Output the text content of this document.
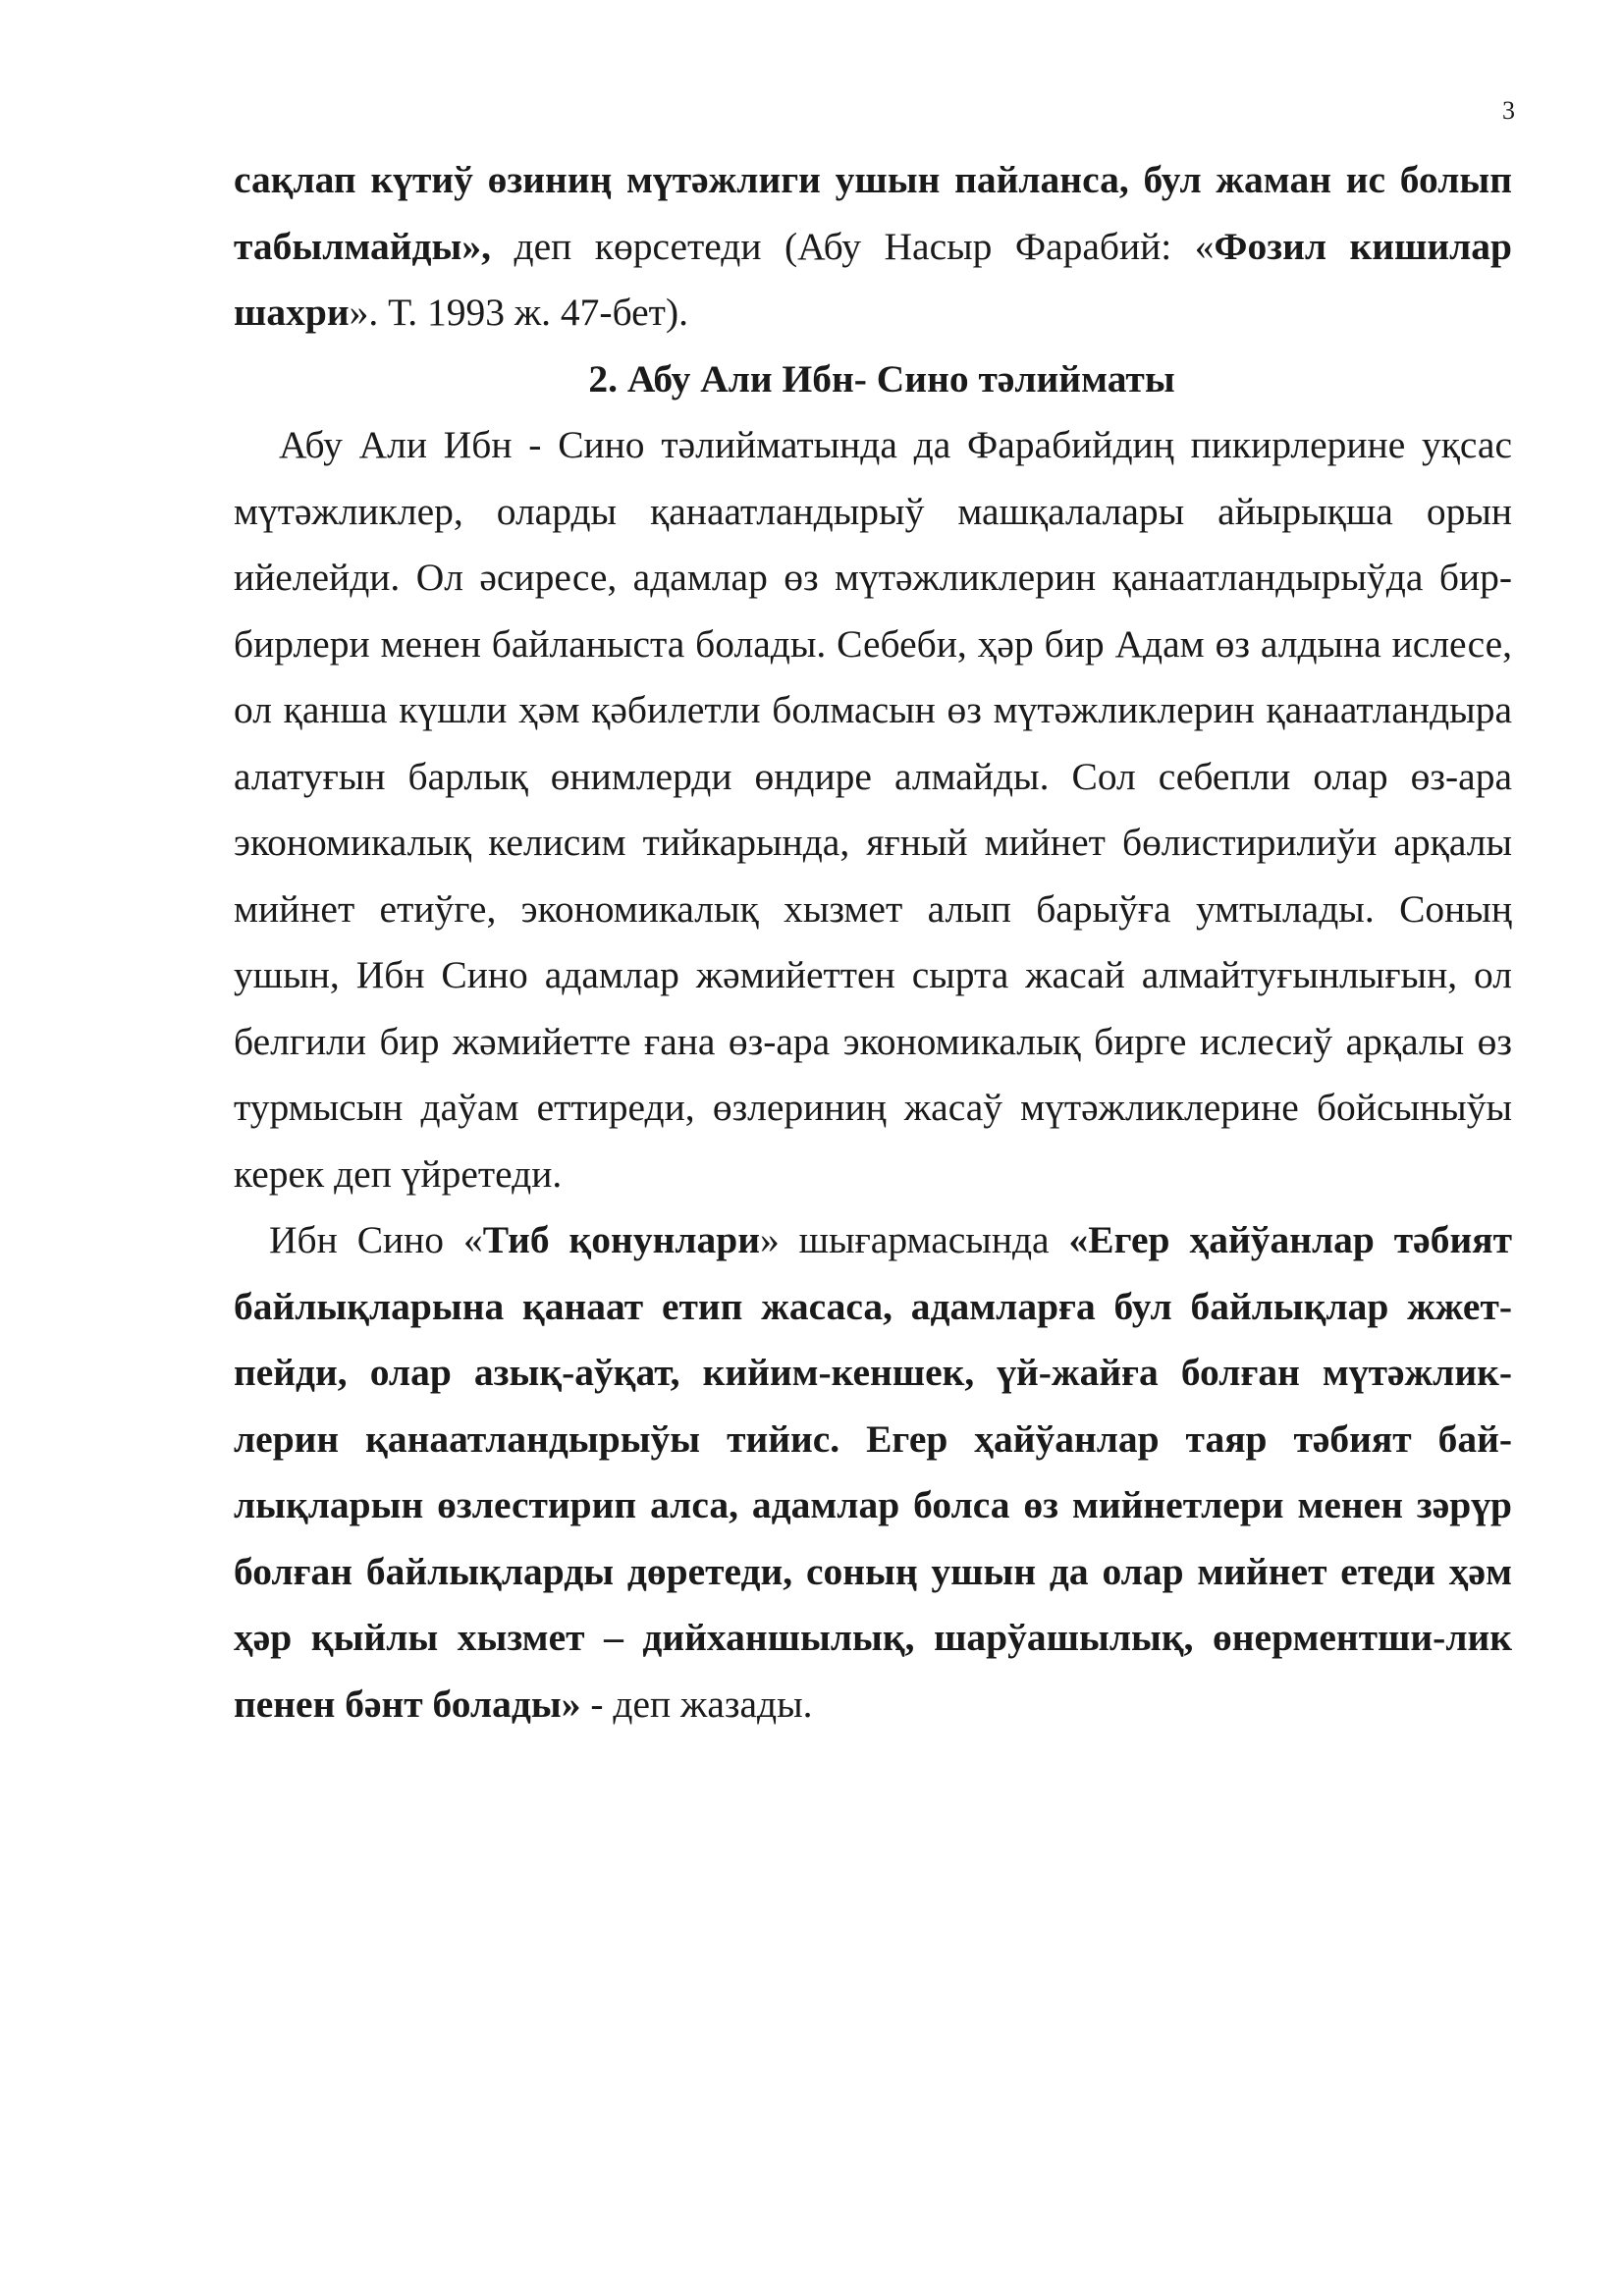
3

сақлап күтиў өзиниң мүтәжлиги ушын пайланса, бул жаман ис болып табылмайды», деп көрсетеди (Абу Насыр Фарабий: «Фозил кишилар шахри». Т. 1993 ж. 47-бет).

2. Абу Али Ибн- Сино тәлийматы

Абу Али Ибн - Сино тәлийматында да Фарабийдиң пикирлерине уқсас мүтәжликлер, оларды қанаатландырыў машқалалары айырықша орын ийелейди. Ол әсиресе, адамлар өз мүтәжликлерин қанаатландырыўда бир-бирлери менен байланыста болады. Себеби, ҳәр бир Адам өз алдына ислесе, ол қанша күшли ҳәм қәбилетли болмасын өз мүтәжликлерин қанаатландыра алатуғын барлық өнимлерди өндире алмайды. Сол себепли олар өз-ара экономикалық келисим тийкарында, яғный мийнет бөлистирилиўи арқалы мийнет етиўге, экономикалық хызмет алып барыўға умтылады. Соның ушын, Ибн Сино адамлар жәмийеттен сырта жасай алмайтуғынлығын, ол белгили бир жәмийетте ғана өз-ара экономикалық бирге ислесиў арқалы өз турмысын даўам еттиреди, өзлериниң жасаў мүтәжликлерине бойсыныўы керек деп үйретеди.

Ибн Сино «Тиб қонунлари» шығармасында «Егер ҳайўанлар тәбият байлықларына қанаат етип жасаса, адамларға бул байлықлар жжет-пейди, олар азық-аўқат, кийим-кеншек, үй-жайға болған мүтәжлик-лерин қанаатландырыўы тийис. Егер ҳайўанлар таяр тәбият бай-лықларын өзлестирип алса, адамлар болса өз мийнетлери менен зәрүр болған байлықларды дөретеди, соның ушын да олар мийнет етеди ҳәм ҳәр қыйлы хызмет – дийханшылық, шарўашылық, өнерментши-лик пенен бәнт болады» - деп жазады.
